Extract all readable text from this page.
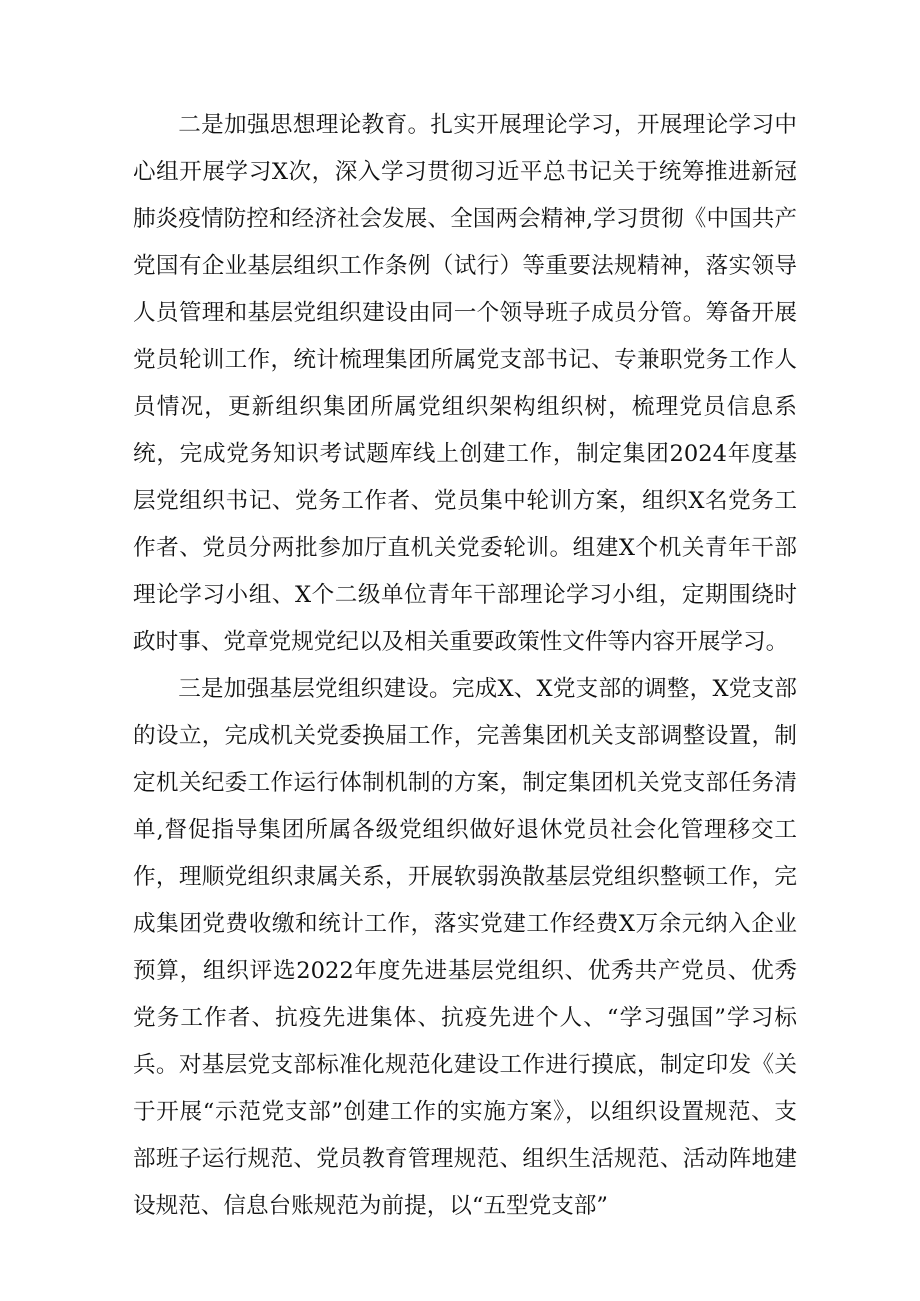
二是加强思想理论教育。扎实开展理论学习，开展理论学习中心组开展学习X次，深入学习贯彻习近平总书记关于统筹推进新冠肺炎疫情防控和经济社会发展、全国两会精神,学习贯彻《中国共产党国有企业基层组织工作条例（试行）等重要法规精神，落实领导人员管理和基层党组织建设由同一个领导班子成员分管。筹备开展党员轮训工作，统计梳理集团所属党支部书记、专兼职党务工作人员情况，更新组织集团所属党组织架构组织树，梳理党员信息系统，完成党务知识考试题库线上创建工作，制定集团2024年度基层党组织书记、党务工作者、党员集中轮训方案，组织X名党务工作者、党员分两批参加厅直机关党委轮训。组建X个机关青年干部理论学习小组、X个二级单位青年干部理论学习小组，定期围绕时政时事、党章党规党纪以及相关重要政策性文件等内容开展学习。

三是加强基层党组织建设。完成X、X党支部的调整，X党支部的设立，完成机关党委换届工作，完善集团机关支部调整设置，制定机关纪委工作运行体制机制的方案，制定集团机关党支部任务清单,督促指导集团所属各级党组织做好退休党员社会化管理移交工作，理顺党组织隶属关系，开展软弱涣散基层党组织整顿工作，完成集团党费收缴和统计工作，落实党建工作经费X万余元纳入企业预算，组织评选2022年度先进基层党组织、优秀共产党员、优秀党务工作者、抗疫先进集体、抗疫先进个人、“学习强国”学习标兵。对基层党支部标准化规范化建设工作进行摸底，制定印发《关于开展“示范党支部”创建工作的实施方案》，以组织设置规范、支部班子运行规范、党员教育管理规范、组织生活规范、活动阵地建设规范、信息台账规范为前提，以“五型党支部”
